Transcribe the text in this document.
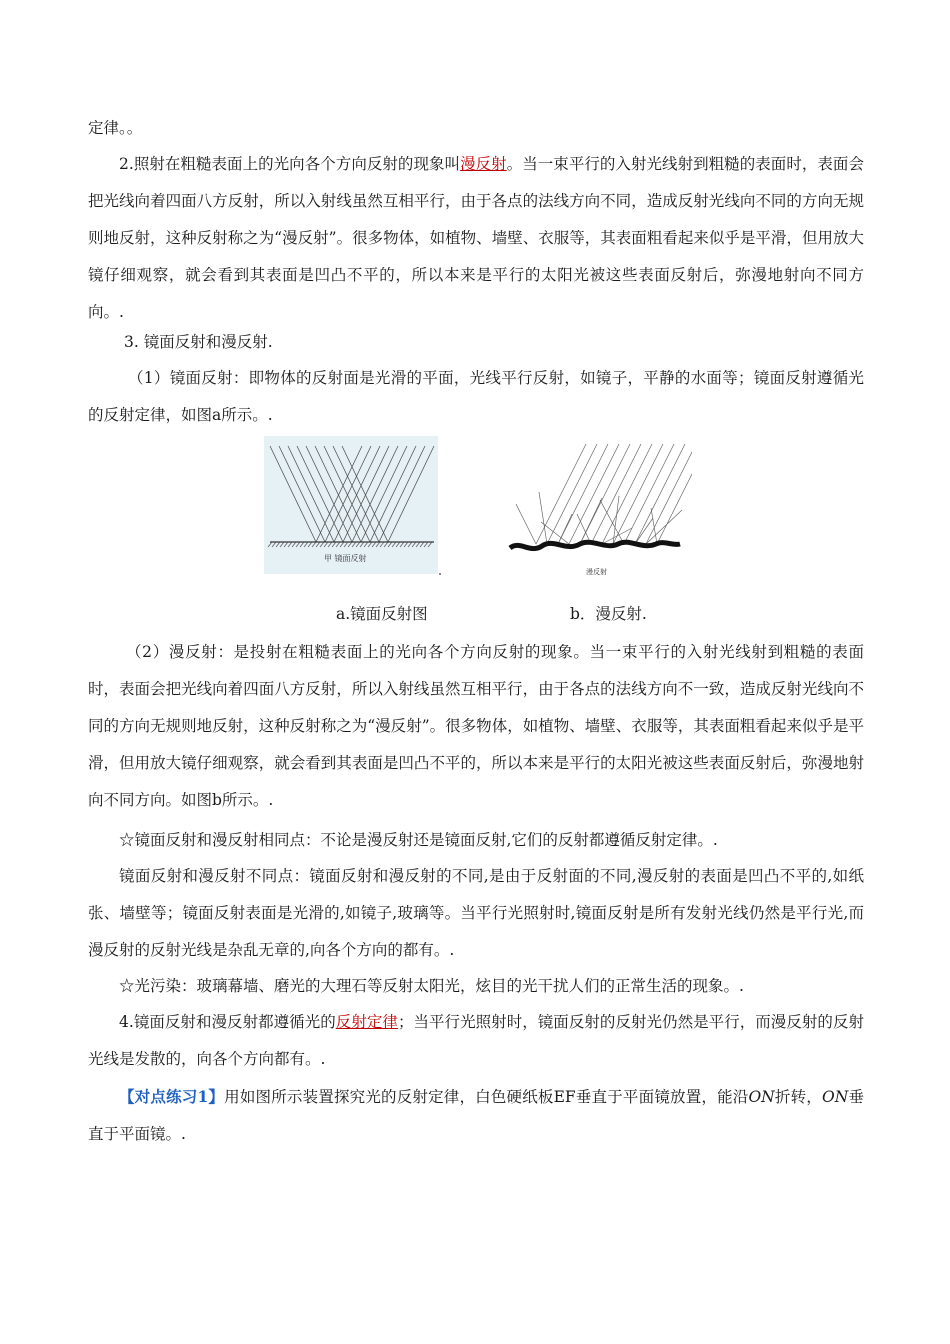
定律。。

2.照射在粗糙表面上的光向各个方向反射的现象叫漫反射。当一束平行的入射光线射到粗糙的表面时，表面会把光线向着四面八方反射，所以入射线虽然互相平行，由于各点的法线方向不同，造成反射光线向不同的方向无规则地反射，这种反射称之为“漫反射”。很多物体，如植物、墙壁、衣服等，其表面粗看起来似乎是平滑，但用放大镜仔细观察，就会看到其表面是凹凸不平的，所以本来是平行的太阳光被这些表面反射后，弥漫地射向不同方向。.

3. 镜面反射和漫反射.

（1）镜面反射：即物体的反射面是光滑的平面，光线平行反射，如镜子，平静的水面等；镜面反射遵循光的反射定律，如图a所示。.

甲 镜面反射
漫反射
a.镜面反射图	b．漫反射.

（2）漫反射：是投射在粗糙表面上的光向各个方向反射的现象。当一束平行的入射光线射到粗糙的表面时，表面会把光线向着四面八方反射，所以入射线虽然互相平行，由于各点的法线方向不一致，造成反射光线向不同的方向无规则地反射，这种反射称之为“漫反射”。很多物体，如植物、墙壁、衣服等，其表面粗看起来似乎是平滑，但用放大镜仔细观察，就会看到其表面是凹凸不平的，所以本来是平行的太阳光被这些表面反射后，弥漫地射向不同方向。如图b所示。.

☆镜面反射和漫反射相同点：不论是漫反射还是镜面反射,它们的反射都遵循反射定律。.

镜面反射和漫反射不同点：镜面反射和漫反射的不同,是由于反射面的不同,漫反射的表面是凹凸不平的,如纸张、墙壁等；镜面反射表面是光滑的,如镜子,玻璃等。当平行光照射时,镜面反射是所有发射光线仍然是平行光,而漫反射的反射光线是杂乱无章的,向各个方向的都有。.

☆光污染：玻璃幕墙、磨光的大理石等反射太阳光，炫目的光干扰人们的正常生活的现象。.

4.镜面反射和漫反射都遵循光的反射定律；当平行光照射时，镜面反射的反射光仍然是平行，而漫反射的反射光线是发散的，向各个方向都有。.

【对点练习1】用如图所示装置探究光的反射定律，白色硬纸板EF垂直于平面镜放置，能沿ON折转，ON垂直于平面镜。.
